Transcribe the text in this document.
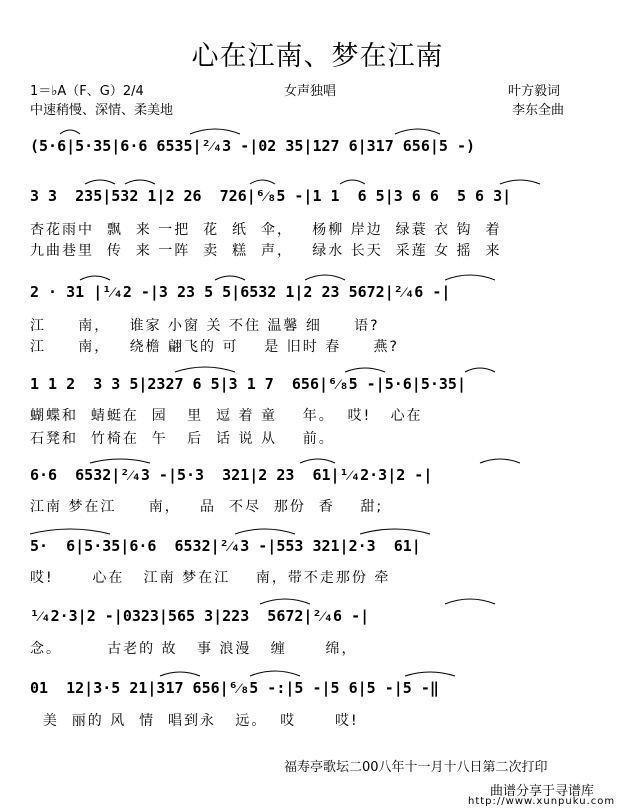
心在江南、梦在江南
1＝♭A（F、G）2/4	女声独唱	叶方毅词
中速稍慢、深情、柔美地	李东全曲
(5·6|5·35|6·6 6535|²⁄₄3 -|02 35|127 6|317 656|5 -)
3 3  235|532 1|2 26  726|⁶⁄₈5 -|1 1  6 5|3 6 6  5 6 3|
杏花雨中  飘  来 一把  花  纸  伞，   杨柳 岸边  绿蓑 衣 钩  着
九曲巷里  传  来 一阵  卖  糕  声，   绿水 长天  采莲 女 摇  来
2 · 31 |¹⁄₄2 -|3 23 5 5|6532 1|2 23 5672|²⁄₄6 -|
江     南，   谁家 小窗 关 不住 温馨 细     语?
江     南，   绕檐 翩飞的 可    是 旧时 春     燕?
1 1 2  3 3 5|2327 6 5|3 1 7  656|⁶⁄₈5 -|5·6|5·35|
蝴蝶和  蜻蜓在  园   里  逗 着 童    年。  哎!   心在
石凳和  竹椅在  午   后  话 说 从    前。
6·6  6532|²⁄₄3 -|5·3  321|2 23  61|¹⁄₄2·3|2 -|
江南 梦在江     南，   品  不尽  那份  香    甜;
5·  6|5·35|6·6  6532|²⁄₄3 -|553 321|2·3  61|
哎!      心在   江南 梦在江    南，带不走那份 牵
¹⁄₄2·3|2 -|0323|565 3|223  5672|²⁄₄6 -|
念。       古老的 故   事 浪漫   缠      绵，
01  12|3·5 21|317 656|⁶⁄₈5 -:|5 -|5 6|5 -|5 -‖
美  丽的 风  情  唱到永   远。  哎      哎!
福寿亭歌坛二00八年十一月十八日第二次打印
曲谱分享于寻谱库
http://www.xunpuku.com
